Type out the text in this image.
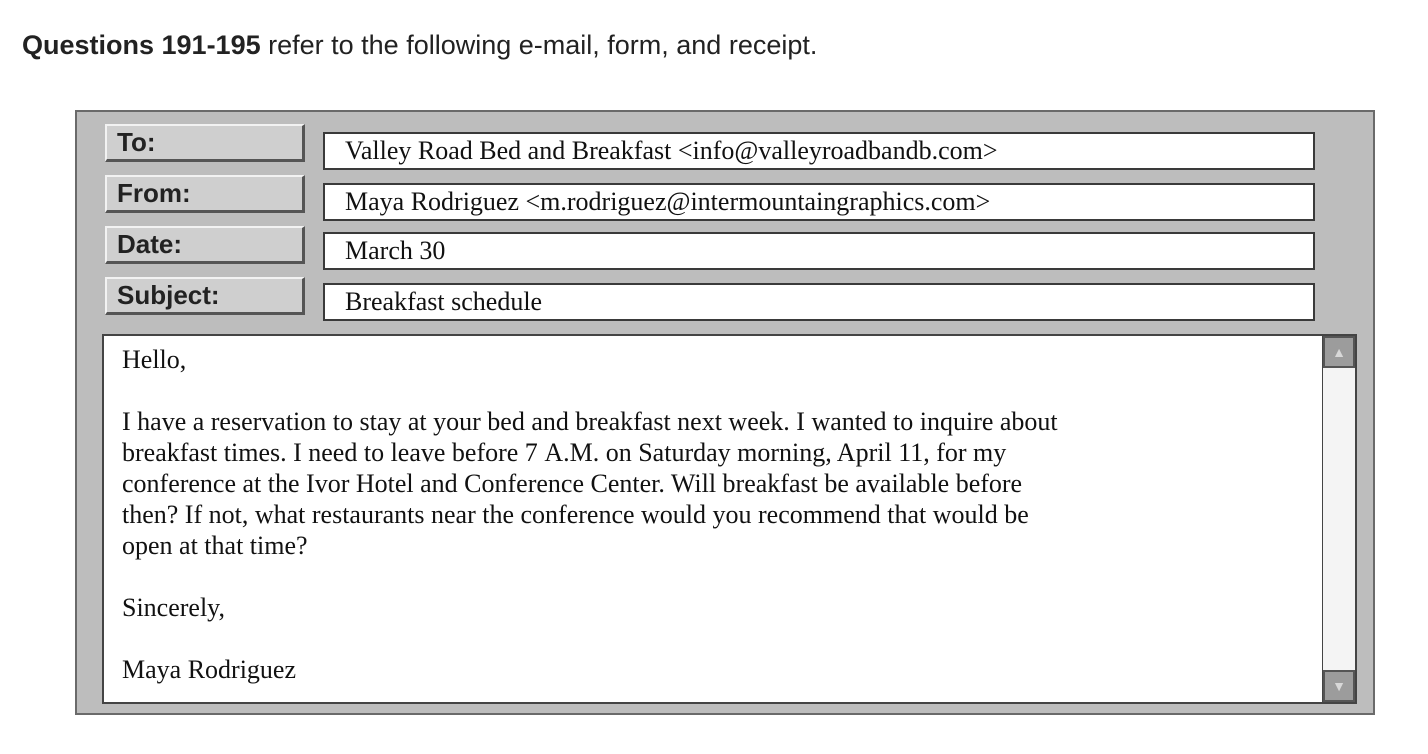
Questions 191-195 refer to the following e-mail, form, and receipt.
To:	Valley Road Bed and Breakfast <info@valleyroadbandb.com>
From:	Maya Rodriguez <m.rodriguez@intermountaingraphics.com>
Date:	March 30
Subject:	Breakfast schedule

Hello,

I have a reservation to stay at your bed and breakfast next week. I wanted to inquire about

breakfast times. I need to leave before 7 A.M. on Saturday morning, April 11, for my

conference at the Ivor Hotel and Conference Center. Will breakfast be available before

then? If not, what restaurants near the conference would you recommend that would be

open at that time?

Sincerely,

Maya Rodriguez

▲
▼
